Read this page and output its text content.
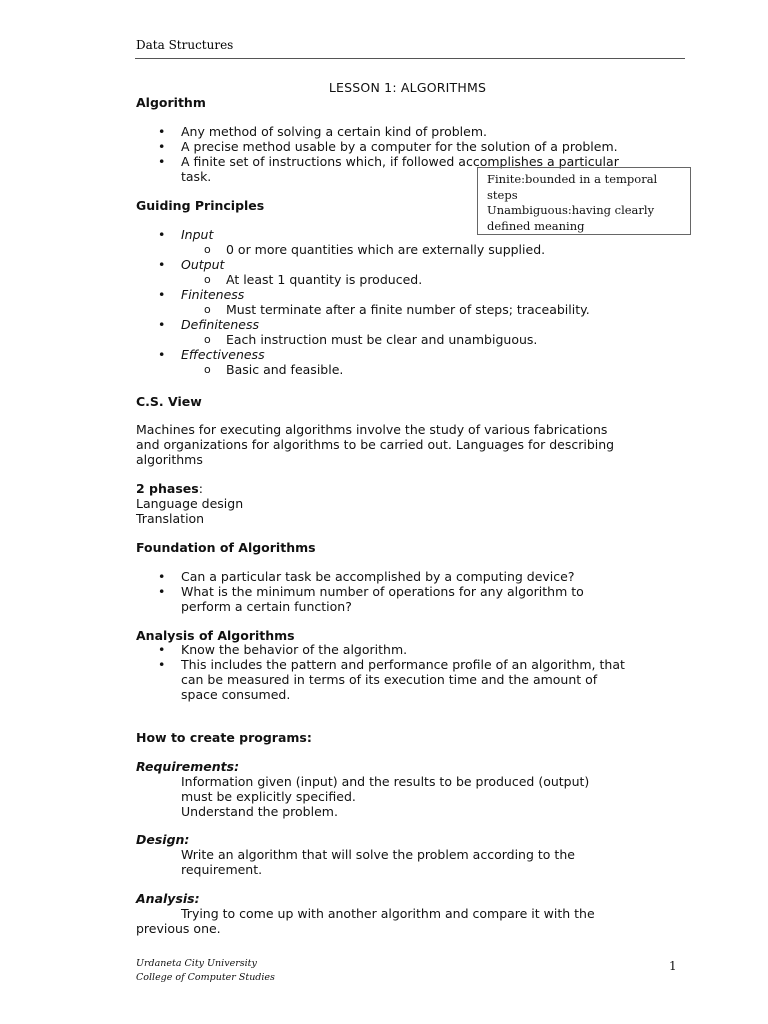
Data Structures
LESSON 1: ALGORITHMS
Algorithm
• Any method of solving a certain kind of problem.
• A precise method usable by a computer for the solution of a problem.
• A finite set of instructions which, if followed accomplishes a particular
task.	Finite:bounded in a temporal
steps
Unambiguous:having clearly
defined meaning
Guiding Principles
• Input
o 0 or more quantities which are externally supplied.
• Output
o At least 1 quantity is produced.
• Finiteness
o Must terminate after a finite number of steps; traceability.
• Definiteness
o Each instruction must be clear and unambiguous.
• Effectiveness
o Basic and feasible.
C.S. View
Machines for executing algorithms involve the study of various fabrications
and organizations for algorithms to be carried out. Languages for describing
algorithms
2 phases:
Language design
Translation
Foundation of Algorithms
• Can a particular task be accomplished by a computing device?
• What is the minimum number of operations for any algorithm to
perform a certain function?
Analysis of Algorithms
• Know the behavior of the algorithm.
• This includes the pattern and performance profile of an algorithm, that
can be measured in terms of its execution time and the amount of
space consumed.
How to create programs:
Requirements:
Information given (input) and the results to be produced (output)
must be explicitly specified.
Understand the problem.
Design:
Write an algorithm that will solve the problem according to the
requirement.
Analysis:
Trying to come up with another algorithm and compare it with the
previous one.
Urdaneta City University
College of Computer Studies
1
